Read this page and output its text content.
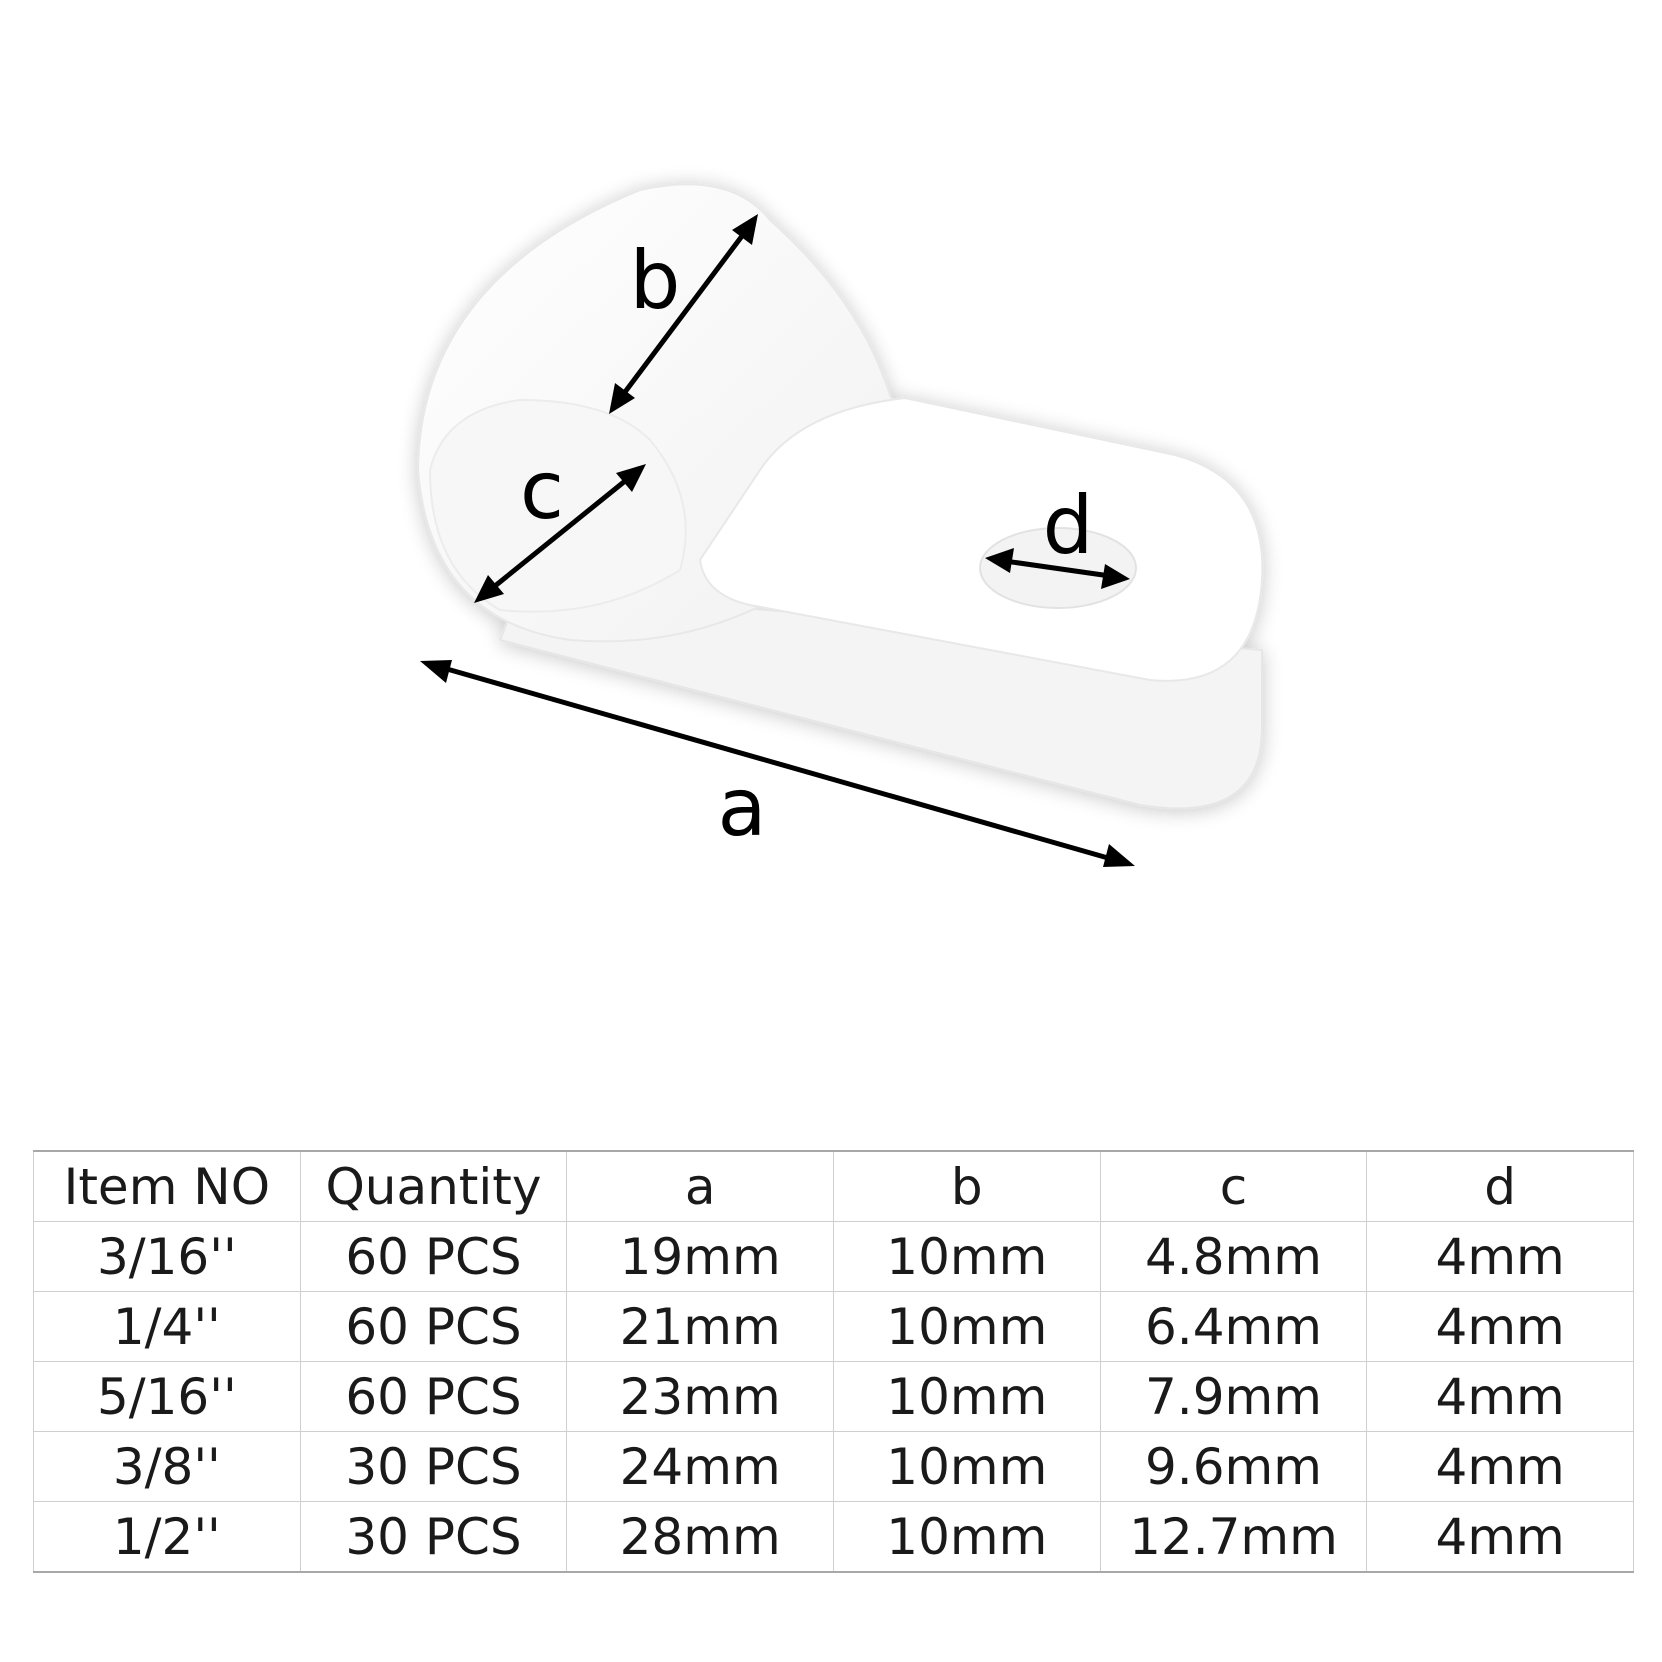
a
b
c	d
Item NO	Quantity	a	b	c	d
3/16''	60 PCS	19mm	10mm	4.8mm	4mm
1/4''	60 PCS	21mm	10mm	6.4mm	4mm
5/16''	60 PCS	23mm	10mm	7.9mm	4mm
3/8''	30 PCS	24mm	10mm	9.6mm	4mm
1/2''	30 PCS	28mm	10mm	12.7mm	4mm
